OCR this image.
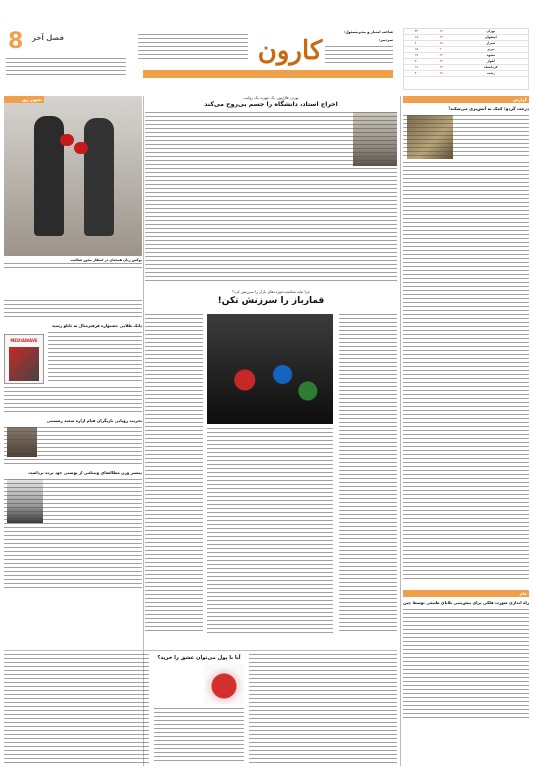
تهران	۳۶	۲۲
اصفهان	۳۴	۱۸
شیراز	۳۵	۲۰
تبریز	۳۰	۱۵
مشهد	۳۲	۱۷
اهواز	۴۶	۳۰
کرمانشاه	۳۳	۱۶
رشت	۲۸	۲۰
کارون
صاحب امتیاز و مدیرمسئول:
سردبیر:
8 فصل آخر
با نیت تأثیرگذاری، نه تنش
گزارش
درخت گردو؛ کمک به آتش‌پری می‌شکند!
علم
راه اندازی صورت فلکی برای پیش‌بینی بلایای طبیعی توسط چین
یوزف فلاح‌پور، یک چهره، یک روایت
اخراج استاد، دانشگاه را جسم بی‌روح می‌کند
تصویر روز
بوکس زنان همچنان در انتظار مجوز فعالیت
چرا نباید شکست‌خورده‌های بازار را سرزنش کرد؟
قمارباز را سرزنش تکن!
پانک طلایی جشنواره فرفیزمثال به تابلو رسید
MEDIAWAVE
تخریب رویایی بازیگران قیام ازاره سعید رمستنی
بیشتر وزن مطالعه‌ای ویتنامی از پوستی خود برده برداشت
آیا با پول می‌توان عشق را خرید؟
